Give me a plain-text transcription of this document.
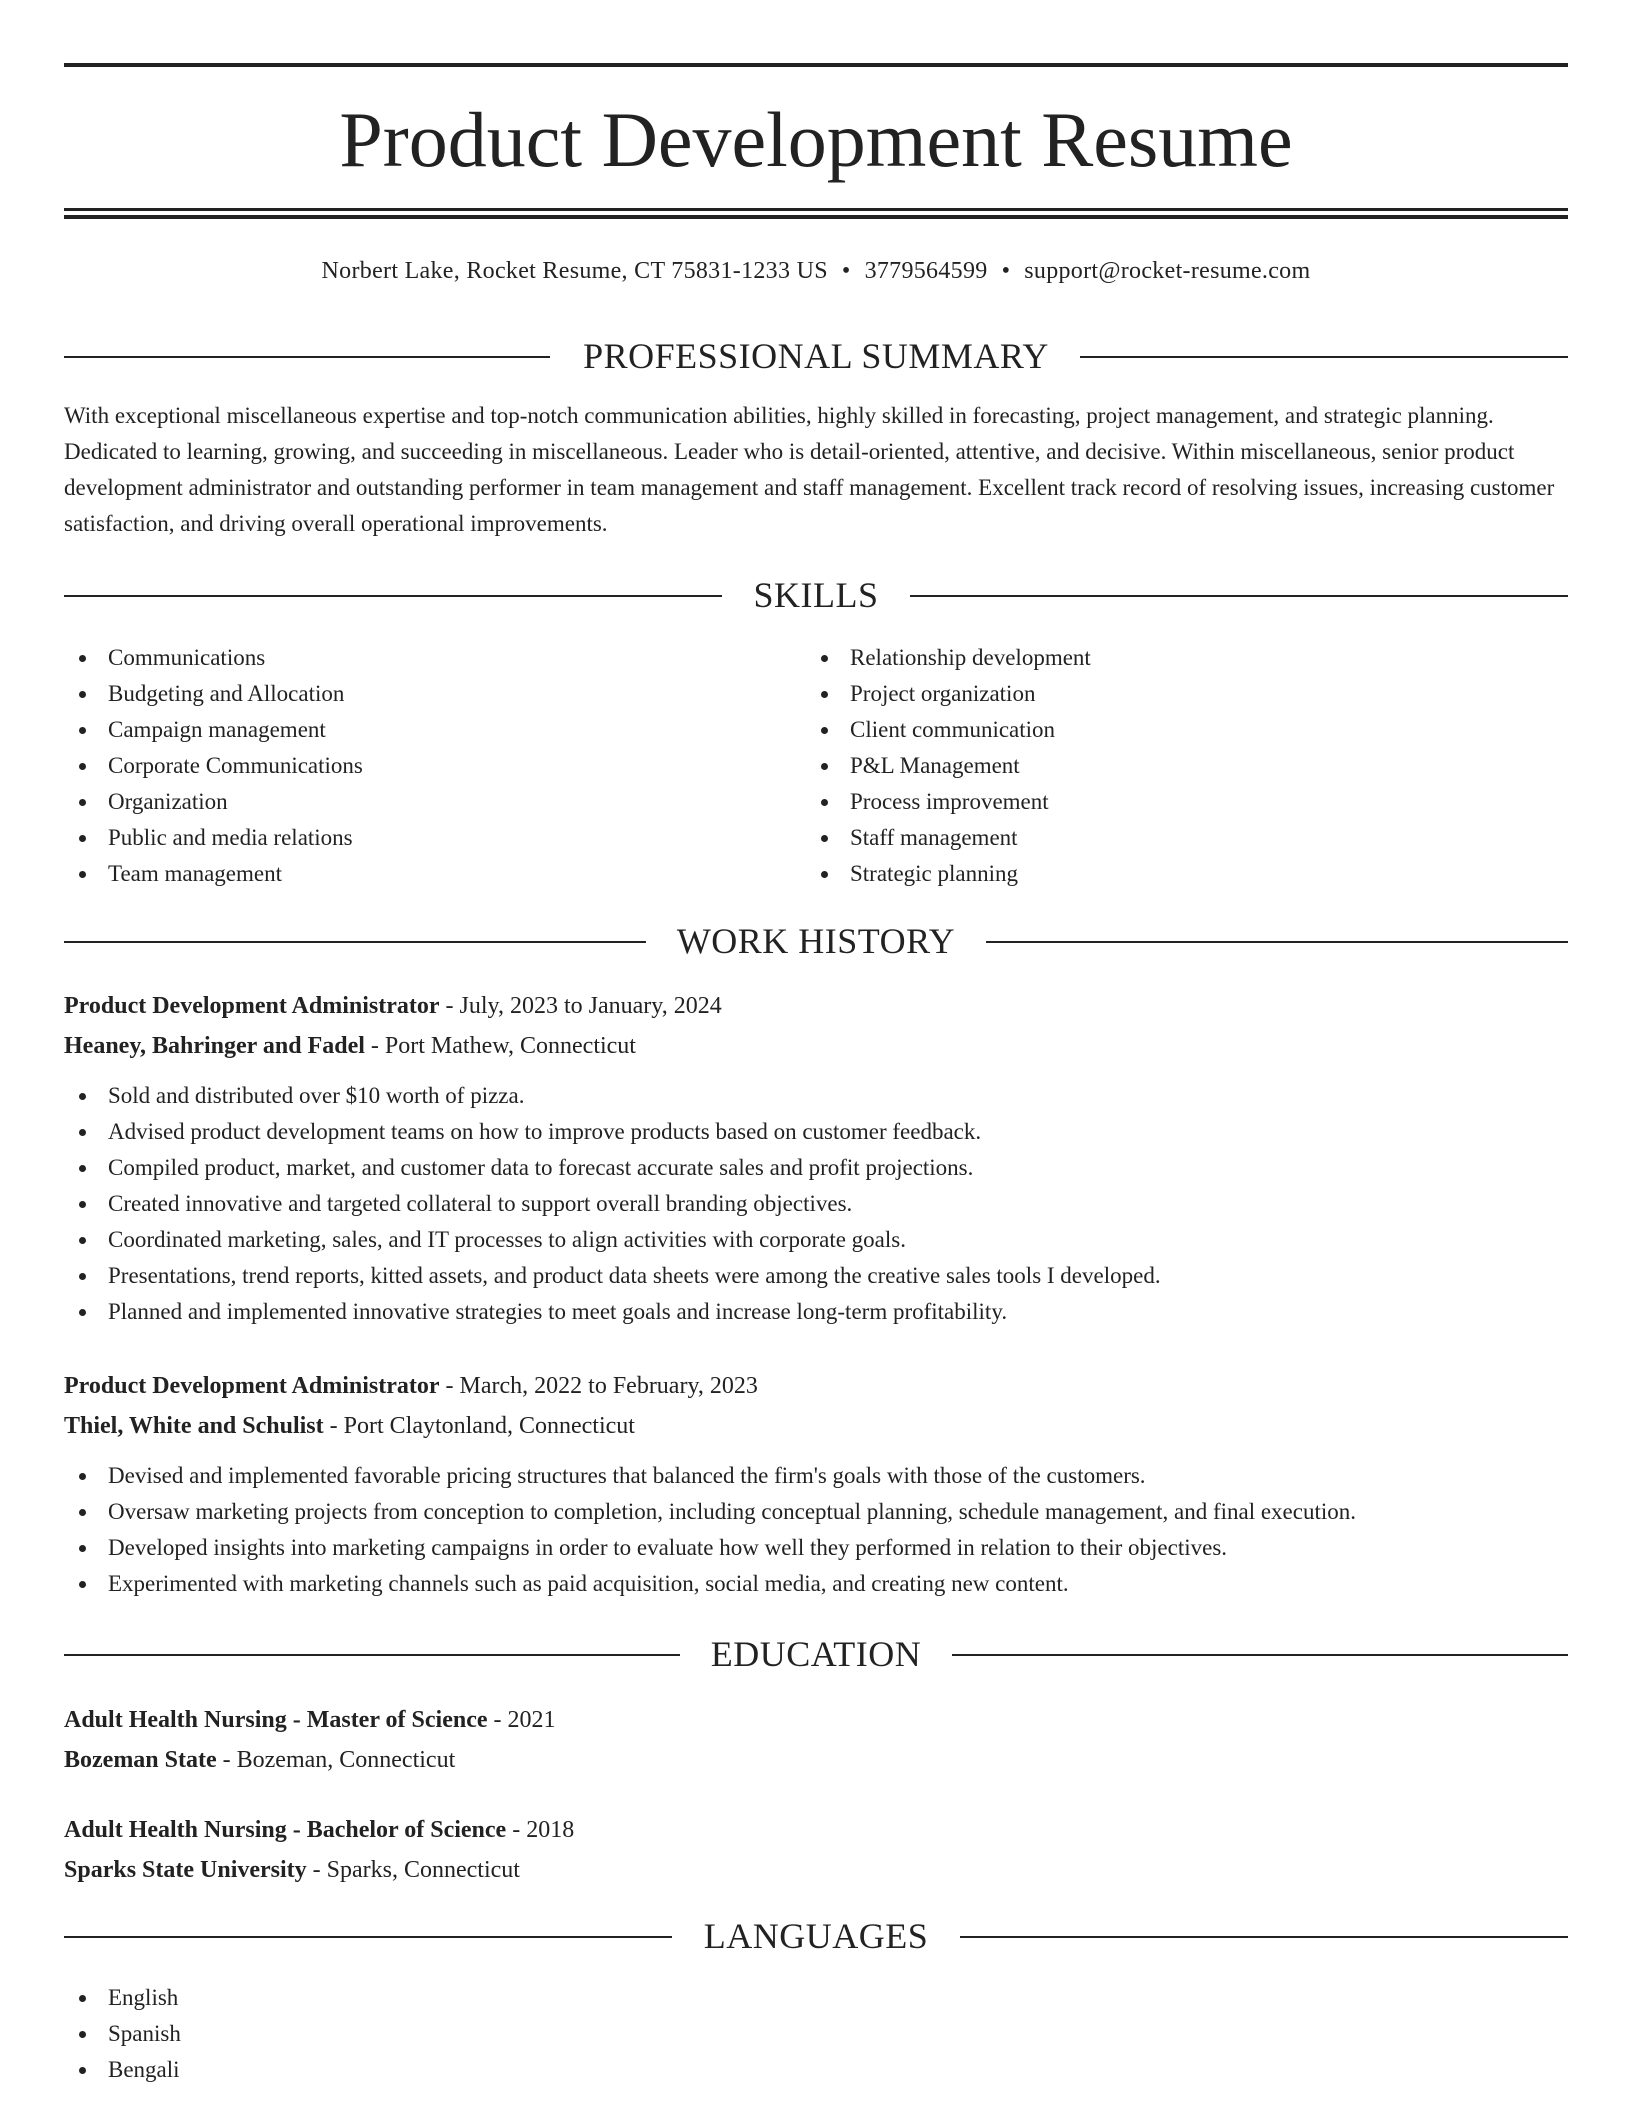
Product Development Resume
Norbert Lake, Rocket Resume, CT 75831-1233 US • 3779564599 • support@rocket-resume.com
PROFESSIONAL SUMMARY

With exceptional miscellaneous expertise and top-notch communication abilities, highly skilled in forecasting, project management, and strategic planning. Dedicated to learning, growing, and succeeding in miscellaneous. Leader who is detail-oriented, attentive, and decisive. Within miscellaneous, senior product development administrator and outstanding performer in team management and staff management. Excellent track record of resolving issues, increasing customer satisfaction, and driving overall operational improvements.

SKILLS
Communications
Budgeting and Allocation
Campaign management
Corporate Communications
Organization
Public and media relations
Team management
Relationship development
Project organization
Client communication
P&L Management
Process improvement
Staff management
Strategic planning
WORK HISTORY
Product Development Administrator - July, 2023 to January, 2024
Heaney, Bahringer and Fadel - Port Mathew, Connecticut
Sold and distributed over $10 worth of pizza.
Advised product development teams on how to improve products based on customer feedback.
Compiled product, market, and customer data to forecast accurate sales and profit projections.
Created innovative and targeted collateral to support overall branding objectives.
Coordinated marketing, sales, and IT processes to align activities with corporate goals.
Presentations, trend reports, kitted assets, and product data sheets were among the creative sales tools I developed.
Planned and implemented innovative strategies to meet goals and increase long-term profitability.
Product Development Administrator - March, 2022 to February, 2023
Thiel, White and Schulist - Port Claytonland, Connecticut
Devised and implemented favorable pricing structures that balanced the firm's goals with those of the customers.
Oversaw marketing projects from conception to completion, including conceptual planning, schedule management, and final execution.
Developed insights into marketing campaigns in order to evaluate how well they performed in relation to their objectives.
Experimented with marketing channels such as paid acquisition, social media, and creating new content.
EDUCATION
Adult Health Nursing - Master of Science - 2021
Bozeman State - Bozeman, Connecticut
Adult Health Nursing - Bachelor of Science - 2018
Sparks State University - Sparks, Connecticut
LANGUAGES
English
Spanish
Bengali
